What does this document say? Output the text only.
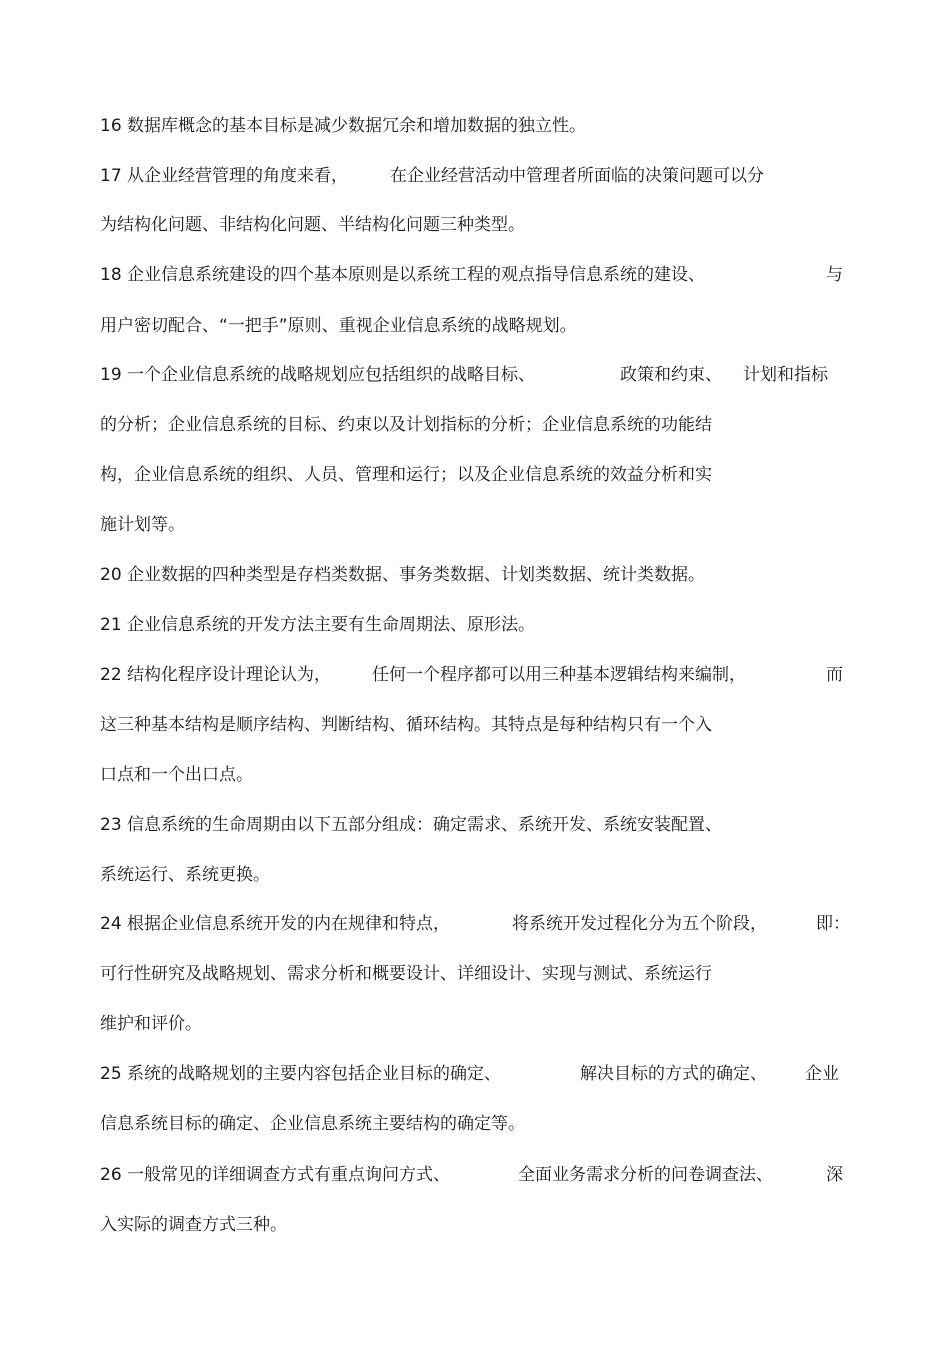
16 数据库概念的基本目标是减少数据冗余和增加数据的独立性。

17 从企业经营管理的角度来看，

在企业经营活动中管理者所面临的决策问题可以分

为结构化问题、非结构化问题、半结构化问题三种类型。

18 企业信息系统建设的四个基本原则是以系统工程的观点指导信息系统的建设、

	与

用户密切配合、“一把手”原则、重视企业信息系统的战略规划。

19 一个企业信息系统的战略规划应包括组织的战略目标、

	政策和约束、

计划和指标

的分析；企业信息系统的目标、约束以及计划指标的分析；企业信息系统的功能结

构，企业信息系统的组织、人员、管理和运行；以及企业信息系统的效益分析和实

施计划等。

20 企业数据的四种类型是存档类数据、事务类数据、计划类数据、统计类数据。

21 企业信息系统的开发方法主要有生命周期法、原形法。

22 结构化程序设计理论认为，

任何一个程序都可以用三种基本逻辑结构来编制，

	而

这三种基本结构是顺序结构、判断结构、循环结构。其特点是每种结构只有一个入

口点和一个出口点。

23 信息系统的生命周期由以下五部分组成：确定需求、系统开发、系统安装配置、

系统运行、系统更换。

24 根据企业信息系统开发的内在规律和特点，

	将系统开发过程化分为五个阶段，

	即：

可行性研究及战略规划、需求分析和概要设计、详细设计、实现与测试、系统运行

维护和评价。

25 系统的战略规划的主要内容包括企业目标的确定、

	解决目标的方式的确定、

企业

信息系统目标的确定、企业信息系统主要结构的确定等。

26 一般常见的详细调查方式有重点询问方式、

	全面业务需求分析的问卷调查法、

	深

入实际的调查方式三种。
